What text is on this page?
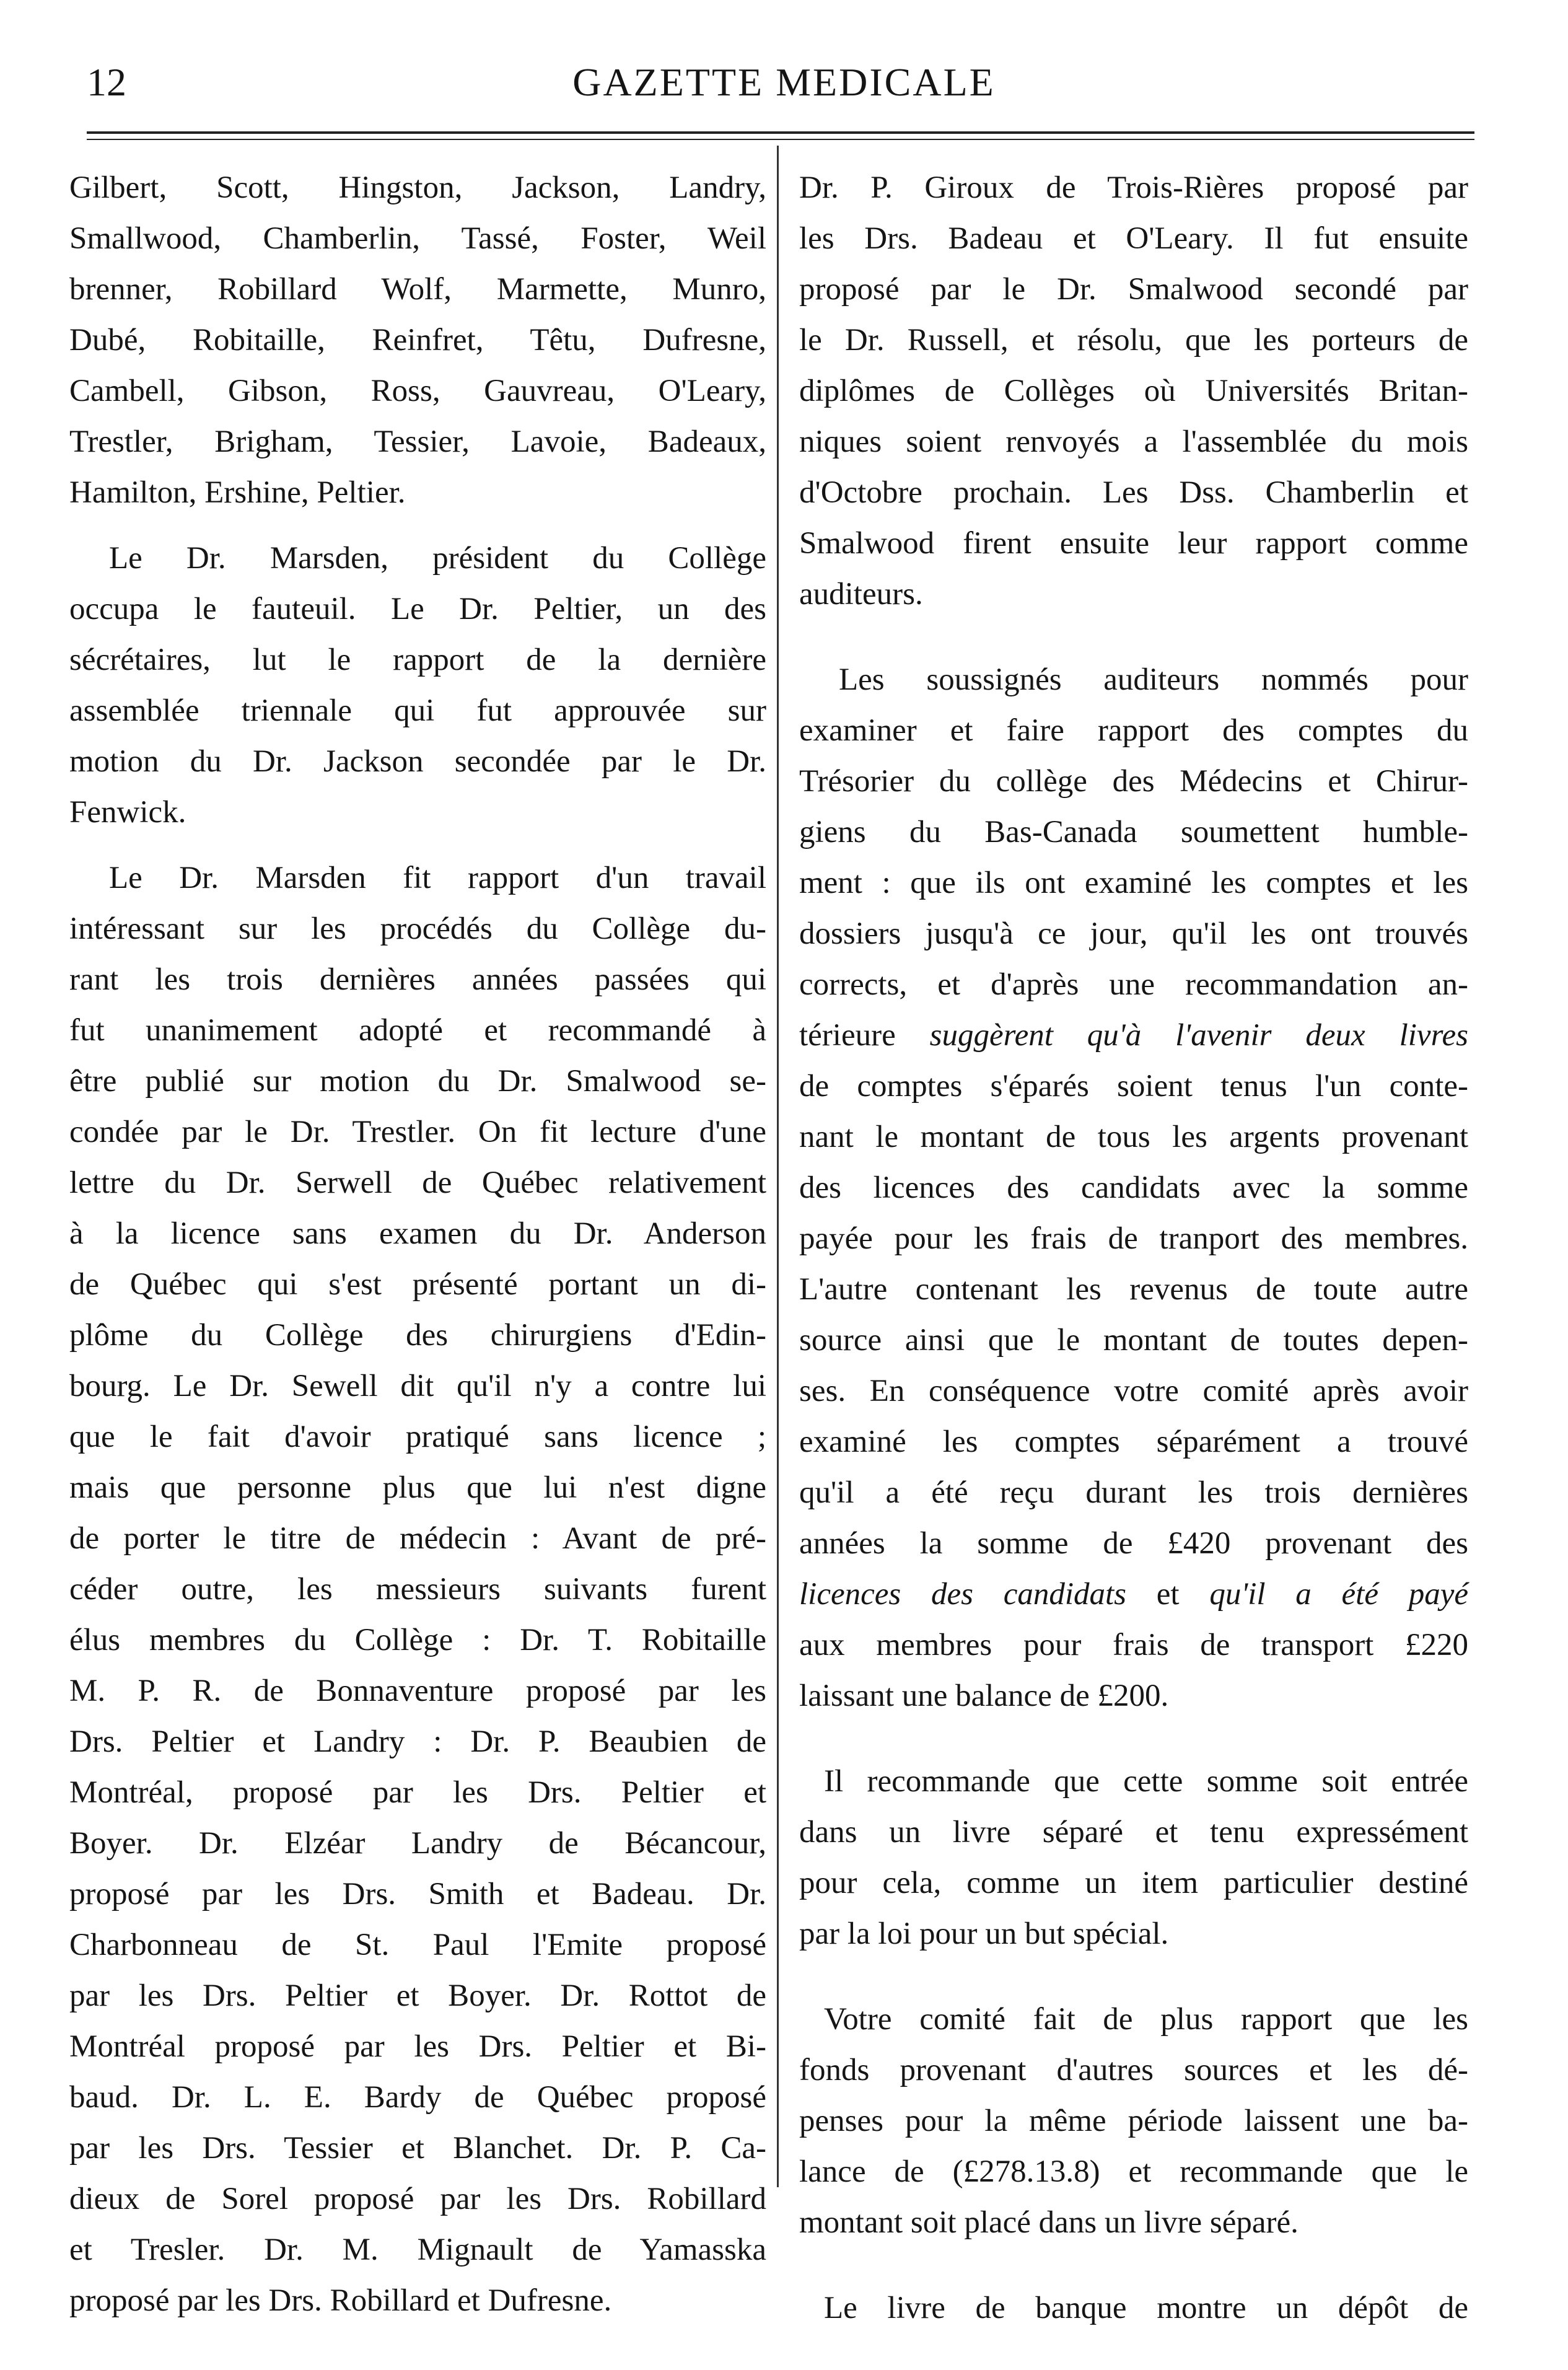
12	GAZETTE MEDICALE

Gilbert, Scott, Hingston, Jackson, Landry,

Smallwood, Chamberlin, Tassé, Foster, Weil

brenner, Robillard Wolf, Marmette, Munro,

Dubé, Robitaille, Reinfret, Têtu, Dufresne,

Cambell, Gibson, Ross, Gauvreau, O'Leary,

Trestler, Brigham, Tessier, Lavoie, Badeaux,

Hamilton, Ershine, Peltier.

Le Dr. Marsden, président du Collège

occupa le fauteuil. Le Dr. Peltier, un des

sécrétaires, lut le rapport de la dernière

assemblée triennale qui fut approuvée sur

motion du Dr. Jackson secondée par le Dr.

Fenwick.

Le Dr. Marsden fit rapport d'un travail

intéressant sur les procédés du Collège du-

rant les trois dernières années passées qui

fut unanimement adopté et recommandé à

être publié sur motion du Dr. Smalwood se-

condée par le Dr. Trestler. On fit lecture d'une

lettre du Dr. Serwell de Québec relativement

à la licence sans examen du Dr. Anderson

de Québec qui s'est présenté portant un di-

plôme du Collège des chirurgiens d'Edin-

bourg. Le Dr. Sewell dit qu'il n'y a contre lui

que le fait d'avoir pratiqué sans licence ;

mais que personne plus que lui n'est digne

de porter le titre de médecin : Avant de pré-

céder outre, les messieurs suivants furent

élus membres du Collège : Dr. T. Robitaille

M. P. R. de Bonnaventure proposé par les

Drs. Peltier et Landry : Dr. P. Beaubien de

Montréal, proposé par les Drs. Peltier et

Boyer. Dr. Elzéar Landry de Bécancour,

proposé par les Drs. Smith et Badeau. Dr.

Charbonneau de St. Paul l'Emite proposé

par les Drs. Peltier et Boyer. Dr. Rottot de

Montréal proposé par les Drs. Peltier et Bi-

baud. Dr. L. E. Bardy de Québec proposé

par les Drs. Tessier et Blanchet. Dr. P. Ca-

dieux de Sorel proposé par les Drs. Robillard

et Tresler. Dr. M. Mignault de Yamasska

proposé par les Drs. Robillard et Dufresne.

Dr. P. Giroux de Trois-Rières proposé par

les Drs. Badeau et O'Leary. Il fut ensuite

proposé par le Dr. Smalwood secondé par

le Dr. Russell, et résolu, que les porteurs de

diplômes de Collèges où Universités Britan-

niques soient renvoyés a l'assemblée du mois

d'Octobre prochain. Les Dss. Chamberlin et

Smalwood firent ensuite leur rapport comme

auditeurs.

Les soussignés auditeurs nommés pour

examiner et faire rapport des comptes du

Trésorier du collège des Médecins et Chirur-

giens du Bas-Canada soumettent humble-

ment : que ils ont examiné les comptes et les

dossiers jusqu'à ce jour, qu'il les ont trouvés

corrects, et d'après une recommandation an-

térieure suggèrent qu'à l'avenir deux livres

de comptes s'éparés soient tenus l'un conte-

nant le montant de tous les argents provenant

des licences des candidats avec la somme

payée pour les frais de tranport des membres.

L'autre contenant les revenus de toute autre

source ainsi que le montant de toutes depen-

ses. En conséquence votre comité après avoir

examiné les comptes séparément a trouvé

qu'il a été reçu durant les trois dernières

années la somme de £420 provenant des

licences des candidats et qu'il a été payé

aux membres pour frais de transport £220

laissant une balance de £200.

Il recommande que cette somme soit entrée

dans un livre séparé et tenu expressément

pour cela, comme un item particulier destiné

par la loi pour un but spécial.

Votre comité fait de plus rapport que les

fonds provenant d'autres sources et les dé-

penses pour la même période laissent une ba-

lance de (£278.13.8) et recommande que le

montant soit placé dans un livre séparé.

Le livre de banque montre un dépôt de
